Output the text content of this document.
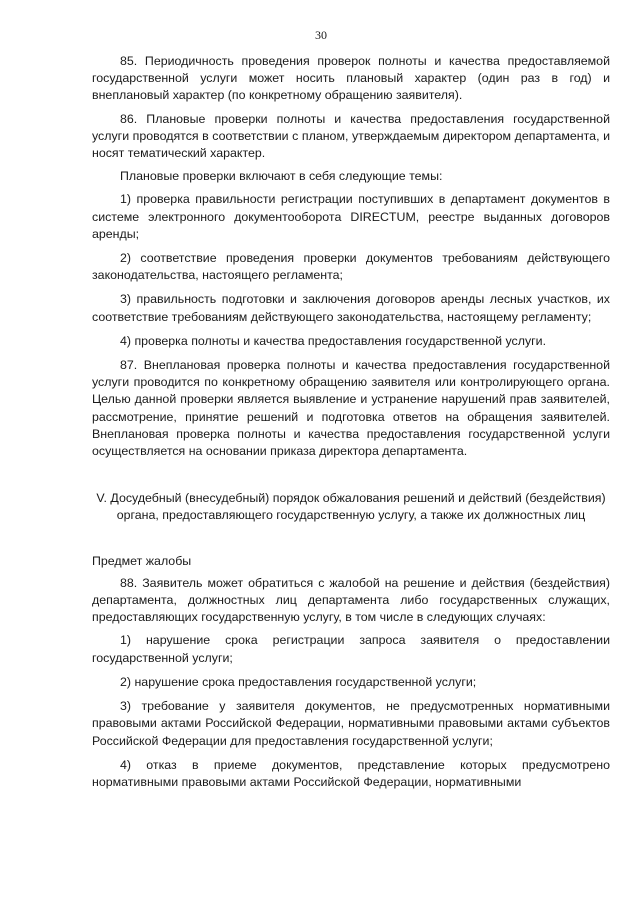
30

85. Периодичность проведения проверок полноты и качества предоставляемой государственной услуги может носить плановый характер (один раз в год) и внеплановый характер (по конкретному обращению заявителя).

86. Плановые проверки полноты и качества предоставления государственной услуги проводятся в соответствии с планом, утверждаемым директором департамента, и носят тематический характер.

Плановые проверки включают в себя следующие темы:

1) проверка правильности регистрации поступивших в департамент документов в системе электронного документооборота DIRECTUM, реестре выданных договоров аренды;

2) соответствие проведения проверки документов требованиям действующего законодательства, настоящего регламента;

3) правильность подготовки и заключения договоров аренды лесных участков, их соответствие требованиям действующего законодательства, настоящему регламенту;

4) проверка полноты и качества предоставления государственной услуги.

87. Внеплановая проверка полноты и качества предоставления государственной услуги проводится по конкретному обращению заявителя или контролирующего органа. Целью данной проверки является выявление и устранение нарушений прав заявителей, рассмотрение, принятие решений и подготовка ответов на обращения заявителей. Внеплановая проверка полноты и качества предоставления государственной услуги осуществляется на основании приказа директора департамента.

V. Досудебный (внесудебный) порядок обжалования решений и действий (бездействия) органа, предоставляющего государственную услугу, а также их должностных лиц
Предмет жалобы

88. Заявитель может обратиться с жалобой на решение и действия (бездействия) департамента, должностных лиц департамента либо государственных служащих, предоставляющих государственную услугу, в том числе в следующих случаях:

1) нарушение срока регистрации запроса заявителя о предоставлении государственной услуги;

2) нарушение срока предоставления государственной услуги;

3) требование у заявителя документов, не предусмотренных нормативными правовыми актами Российской Федерации, нормативными правовыми актами субъектов Российской Федерации для предоставления государственной услуги;

4) отказ в приеме документов, представление которых предусмотрено нормативными правовыми актами Российской Федерации, нормативными
